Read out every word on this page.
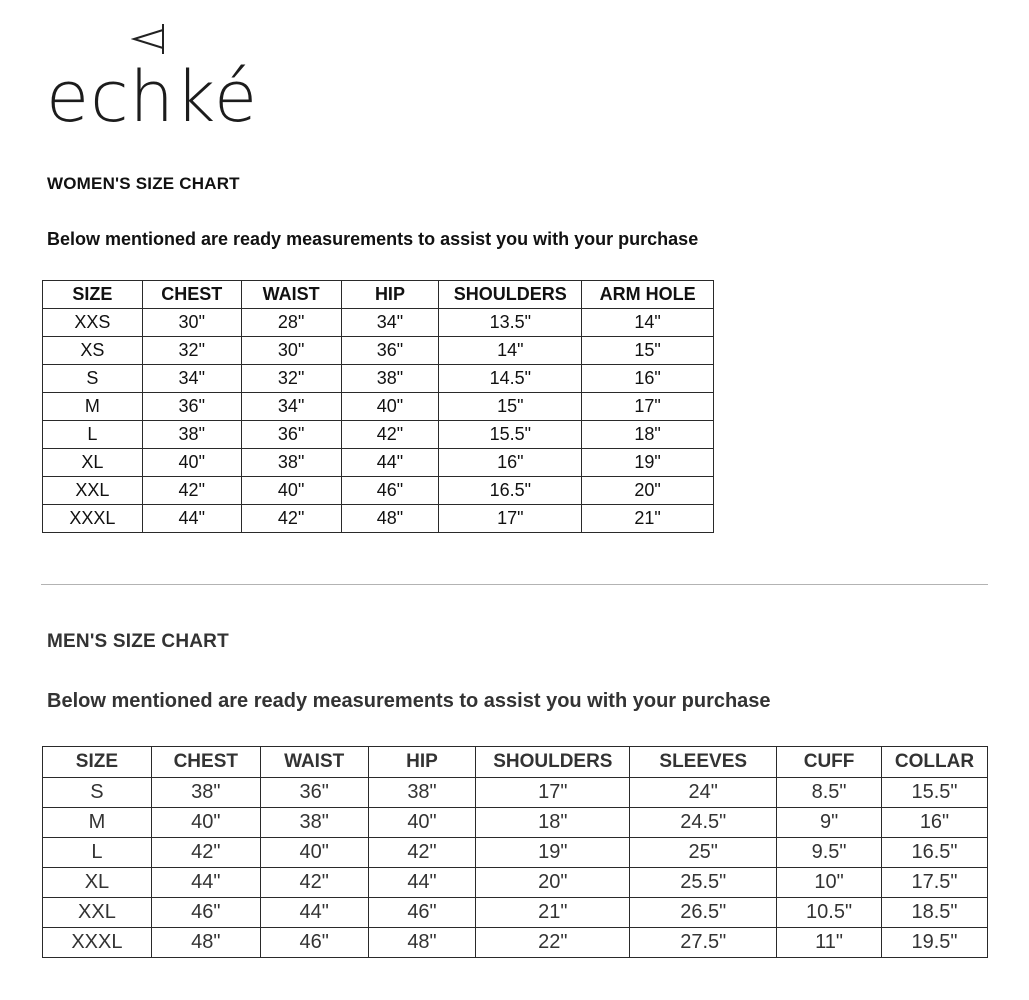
echké
WOMEN'S SIZE CHART
Below mentioned are ready measurements to assist you with your purchase
SIZE	CHEST	WAIST	HIP	SHOULDERS	ARM HOLE
XXS	30"	28"	34"	13.5"	14"
XS	32"	30"	36"	14"	15"
S	34"	32"	38"	14.5"	16"
M	36"	34"	40"	15"	17"
L	38"	36"	42"	15.5"	18"
XL	40"	38"	44"	16"	19"
XXL	42"	40"	46"	16.5"	20"
XXXL	44"	42"	48"	17"	21"
MEN'S SIZE CHART
Below mentioned are ready measurements to assist you with your purchase
SIZE	CHEST	WAIST	HIP	SHOULDERS	SLEEVES	CUFF	COLLAR
S	38"	36"	38"	17"	24"	8.5"	15.5"
M	40"	38"	40"	18"	24.5"	9"	16"
L	42"	40"	42"	19"	25"	9.5"	16.5"
XL	44"	42"	44"	20"	25.5"	10"	17.5"
XXL	46"	44"	46"	21"	26.5"	10.5"	18.5"
XXXL	48"	46"	48"	22"	27.5"	11"	19.5"
